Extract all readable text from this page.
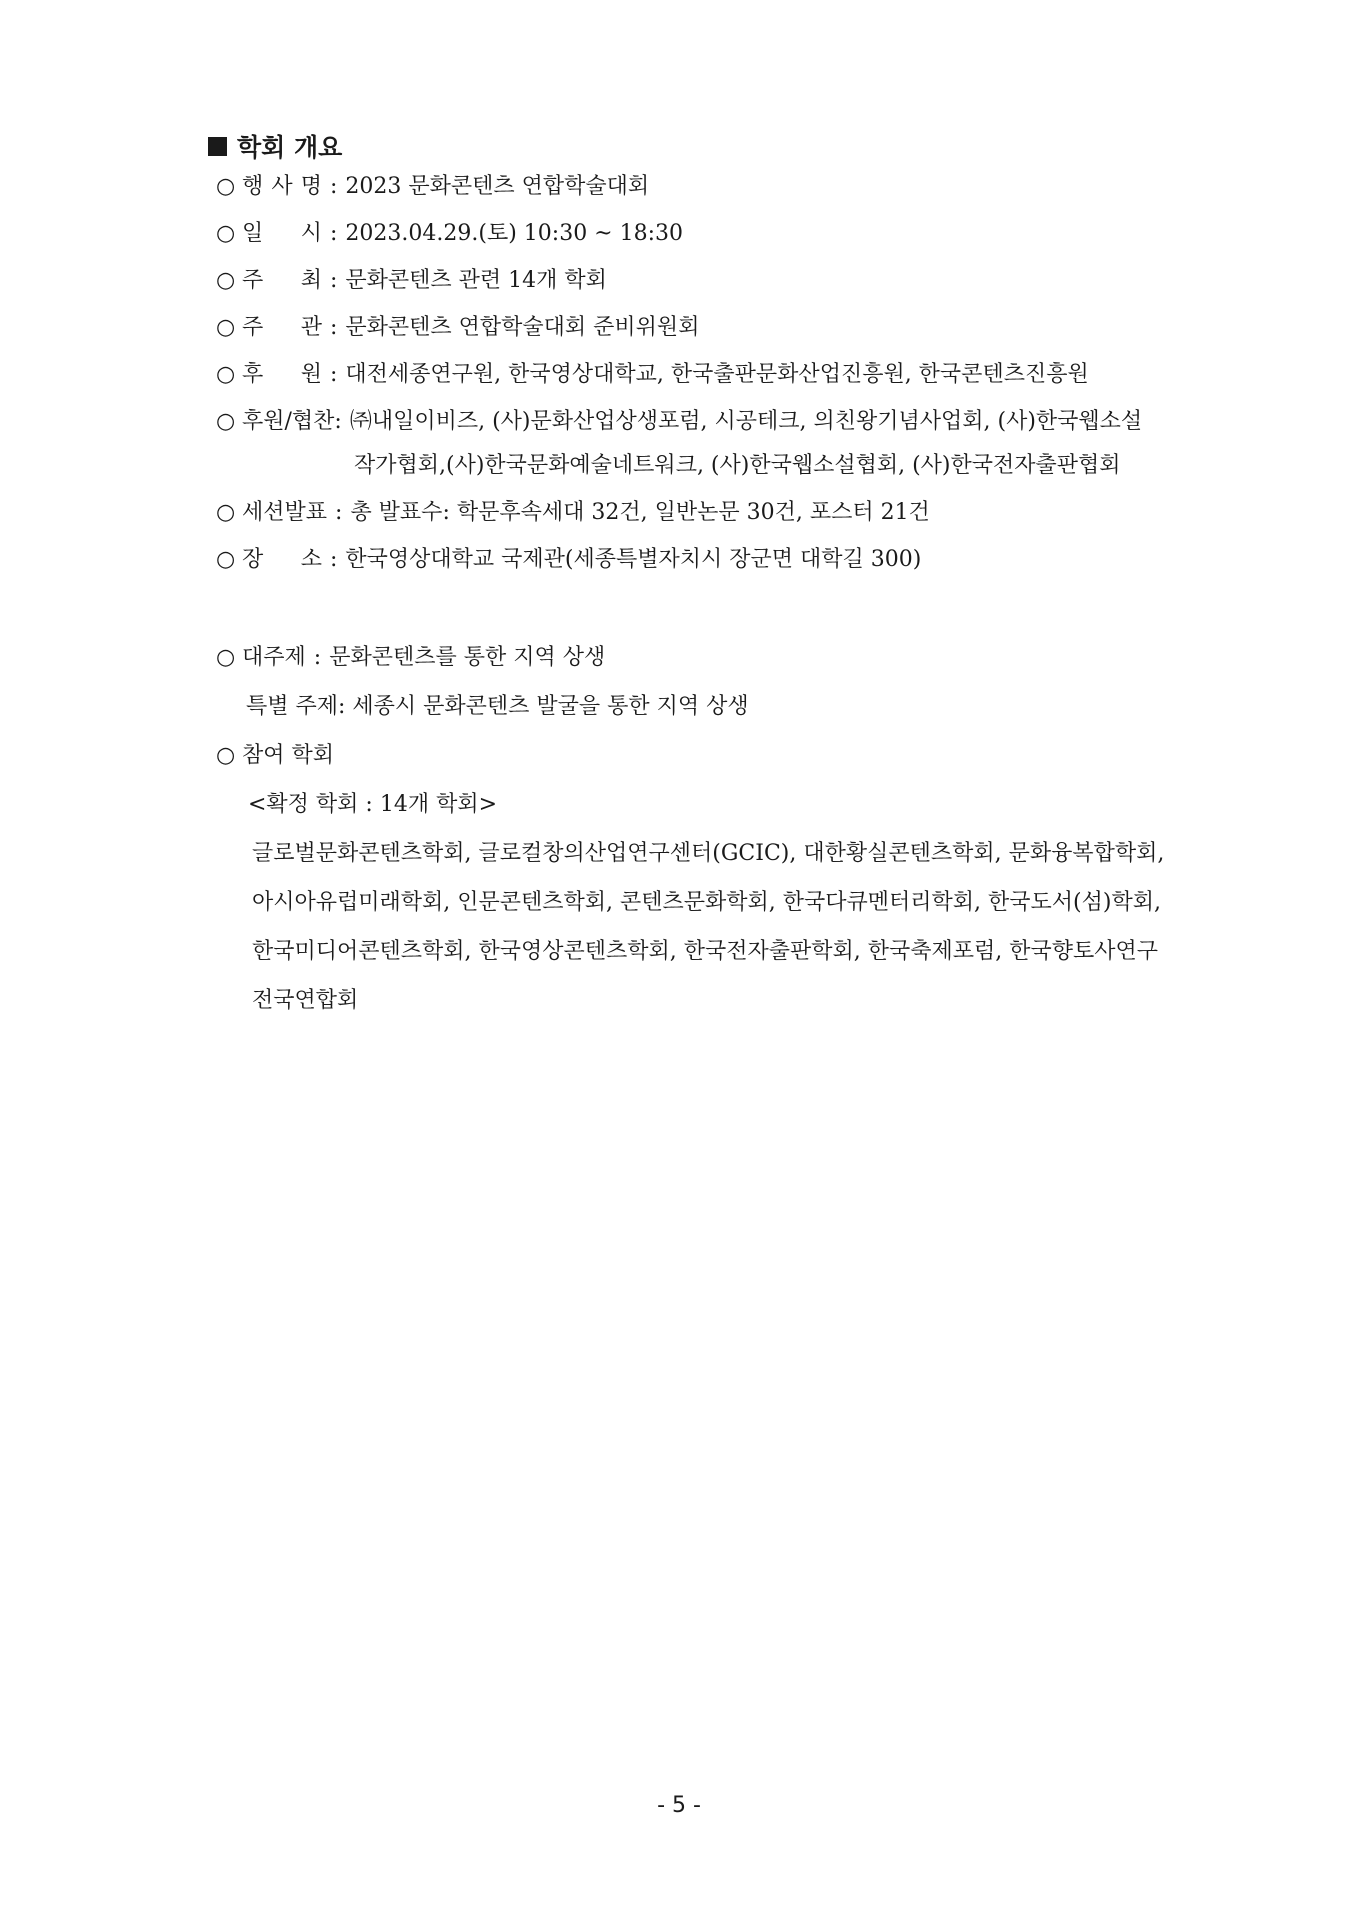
학회 개요
○ 행 사 명 : 2023 문화콘텐츠 연합학술대회
○ 일 시 : 2023.04.29.(토) 10:30 ~ 18:30
○ 주 최 : 문화콘텐츠 관련 14개 학회
○ 주 관 : 문화콘텐츠 연합학술대회 준비위원회
○ 후 원 : 대전세종연구원, 한국영상대학교, 한국출판문화산업진흥원, 한국콘텐츠진흥원
○ 후원/협찬: ㈜내일이비즈, (사)문화산업상생포럼, 시공테크, 의친왕기념사업회, (사)한국웹소설
작가협회,(사)한국문화예술네트워크, (사)한국웹소설협회, (사)한국전자출판협회
○ 세션발표 : 총 발표수: 학문후속세대 32건, 일반논문 30건, 포스터 21건
○ 장 소 : 한국영상대학교 국제관(세종특별자치시 장군면 대학길 300)
○ 대주제 : 문화콘텐츠를 통한 지역 상생
특별 주제: 세종시 문화콘텐츠 발굴을 통한 지역 상생
○ 참여 학회
<확정 학회 : 14개 학회>
글로벌문화콘텐츠학회, 글로컬창의산업연구센터(GCIC), 대한황실콘텐츠학회, 문화융복합학회,
아시아유럽미래학회, 인문콘텐츠학회, 콘텐츠문화학회, 한국다큐멘터리학회, 한국도서(섬)학회,
한국미디어콘텐츠학회, 한국영상콘텐츠학회, 한국전자출판학회, 한국축제포럼, 한국향토사연구
전국연합회
- 5 -
